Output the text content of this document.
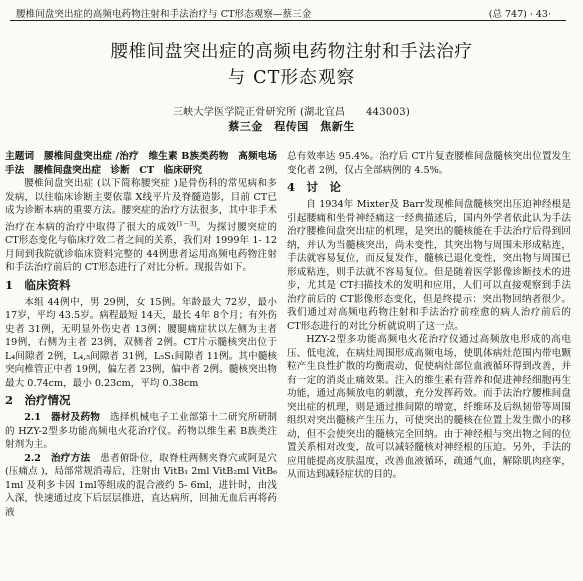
腰椎间盘突出症的高频电药物注射和手法治疗与 CT形态观察—蔡三金	(总 747) · 43·
腰椎间盘突出症的高频电药物注射和手法治疗
与 CT形态观察
三峡大学医学院正骨研究所 (湖北宜昌　　443003)
蔡三金　程传国　焦新生

主题词　 腰椎间盘突出症 /治疗　维生素 B族类药物　高频电场　手法　腰椎间盘突出症　诊断　CT　临床研究

腰椎间盘突出症 (以下简称腰突症 )是骨伤科的常见病和多发病，以往临床诊断主要依靠 X线平片及脊髓造影，目前 CT已成为诊断本病的重要方法。腰突症的治疗方法很多，其中非手术治疗在本病的治疗中取得了很大的成效[1～3]。为探讨腰突症的 CT形态变化与临床疗效二者之间的关系，我们对 1999年 1- 12月间到我院就诊临床资料完整的 44例患者运用高频电药物注射和手法治疗前后的 CT形态进行了对比分析。现报告如下。

1　临床资料

本组 44例中，男 29例，女 15例。年龄最大 72岁，最小 17岁，平均 43.5岁。病程最短 14天，最长 4年 8个月；有外伤史者 31例，无明显外伤史者 13例；腰腿痛症状以左侧为主者 19例，右侧为主者 23例，双侧者 2例。CT片示髓核突出位于 L₄间隙者 2例，L₄,₅间隙者 31例，L₅S₁间隙者 11例。其中髓核突向椎管正中者 19例，偏左者 23例，偏中者 2例。髓核突出物最大 0.74cm，最小 0.23cm，平均 0.38cm

2　治疗情况

2.1　器材及药物　 选择机械电子工业部第十二研究所研制的 HZY-2型多功能高频电火花治疗仪。药物以维生素 B族类注射剂为主。

2.2　治疗方法　 患者俯卧位，取脊柱两侧夹脊穴或阿是穴 (压痛点 )，局部常规消毒后，注射由 VitB₁ 2ml VitB₂ml VitB₆ 1ml 及利多卡因 1ml等组成的混合液约 5- 6ml，进针时，由浅入深，快速通过皮下后层层推进，直达病所，回抽无血后再将药液

总有效率达 95.4%。治疗后 CT片复查腰椎间盘髓核突出位置发生变化者 2例，仅占全部病例的 4.5%。

4　讨　论

自 1934年 Mixter及 Barr发现椎间盘髓核突出压迫神经根是引起腰痛和坐骨神经痛这一经典描述后，国内外学者依此认为手法治疗腰椎间盘突出症的机理，是突出的髓核能在手法治疗后得到回纳，并认为当髓核突出，尚未变性，其突出物与周围未形成粘连，手法就容易复位，而反复发作，髓核已退化变性，突出物与周围已形成粘连，则手法就不容易复位。但是随着医学影像诊断技术的进步，尤其是 CT扫描技术的发明和应用，人们可以直接观察到手法治疗前后的 CT影像形态变化，但是终提示：突出物回纳者很少。我们通过对高频电药物注射和手法治疗前痊愈的病人治疗前后的 CT形态进行的对比分析就说明了这一点。

HZY-2型多功能高频电火花治疗仪通过高频放电形成的高电压、低电流，在病灶周围形成高频电场，使肌体病灶范围内带电颗粒产生良性扩散的均衡震动，促使病灶部位血液循环得到改善，并有一定的消炎止痛效果。注入的维生素有营养和促进神经细胞再生功能，通过高频放电的刺激，充分发挥药效。而手法治疗腰椎间盘突出症的机理，则是通过推间隙的增宽，纤维环及后纵韧带等周围组织对突出髓核产生压力，可使突出的髓核在位置上发生微小的移动，但不会使突出的髓核完全回纳。由于神经根与突出物之间的位置关系相对改变，故可以减轻髓核对神经根的压迫。另外，手法的应用能提高皮肤温度，改善血液循环，疏通气血，解除肌肉痉挛，从而达到减轻症状的目的。
